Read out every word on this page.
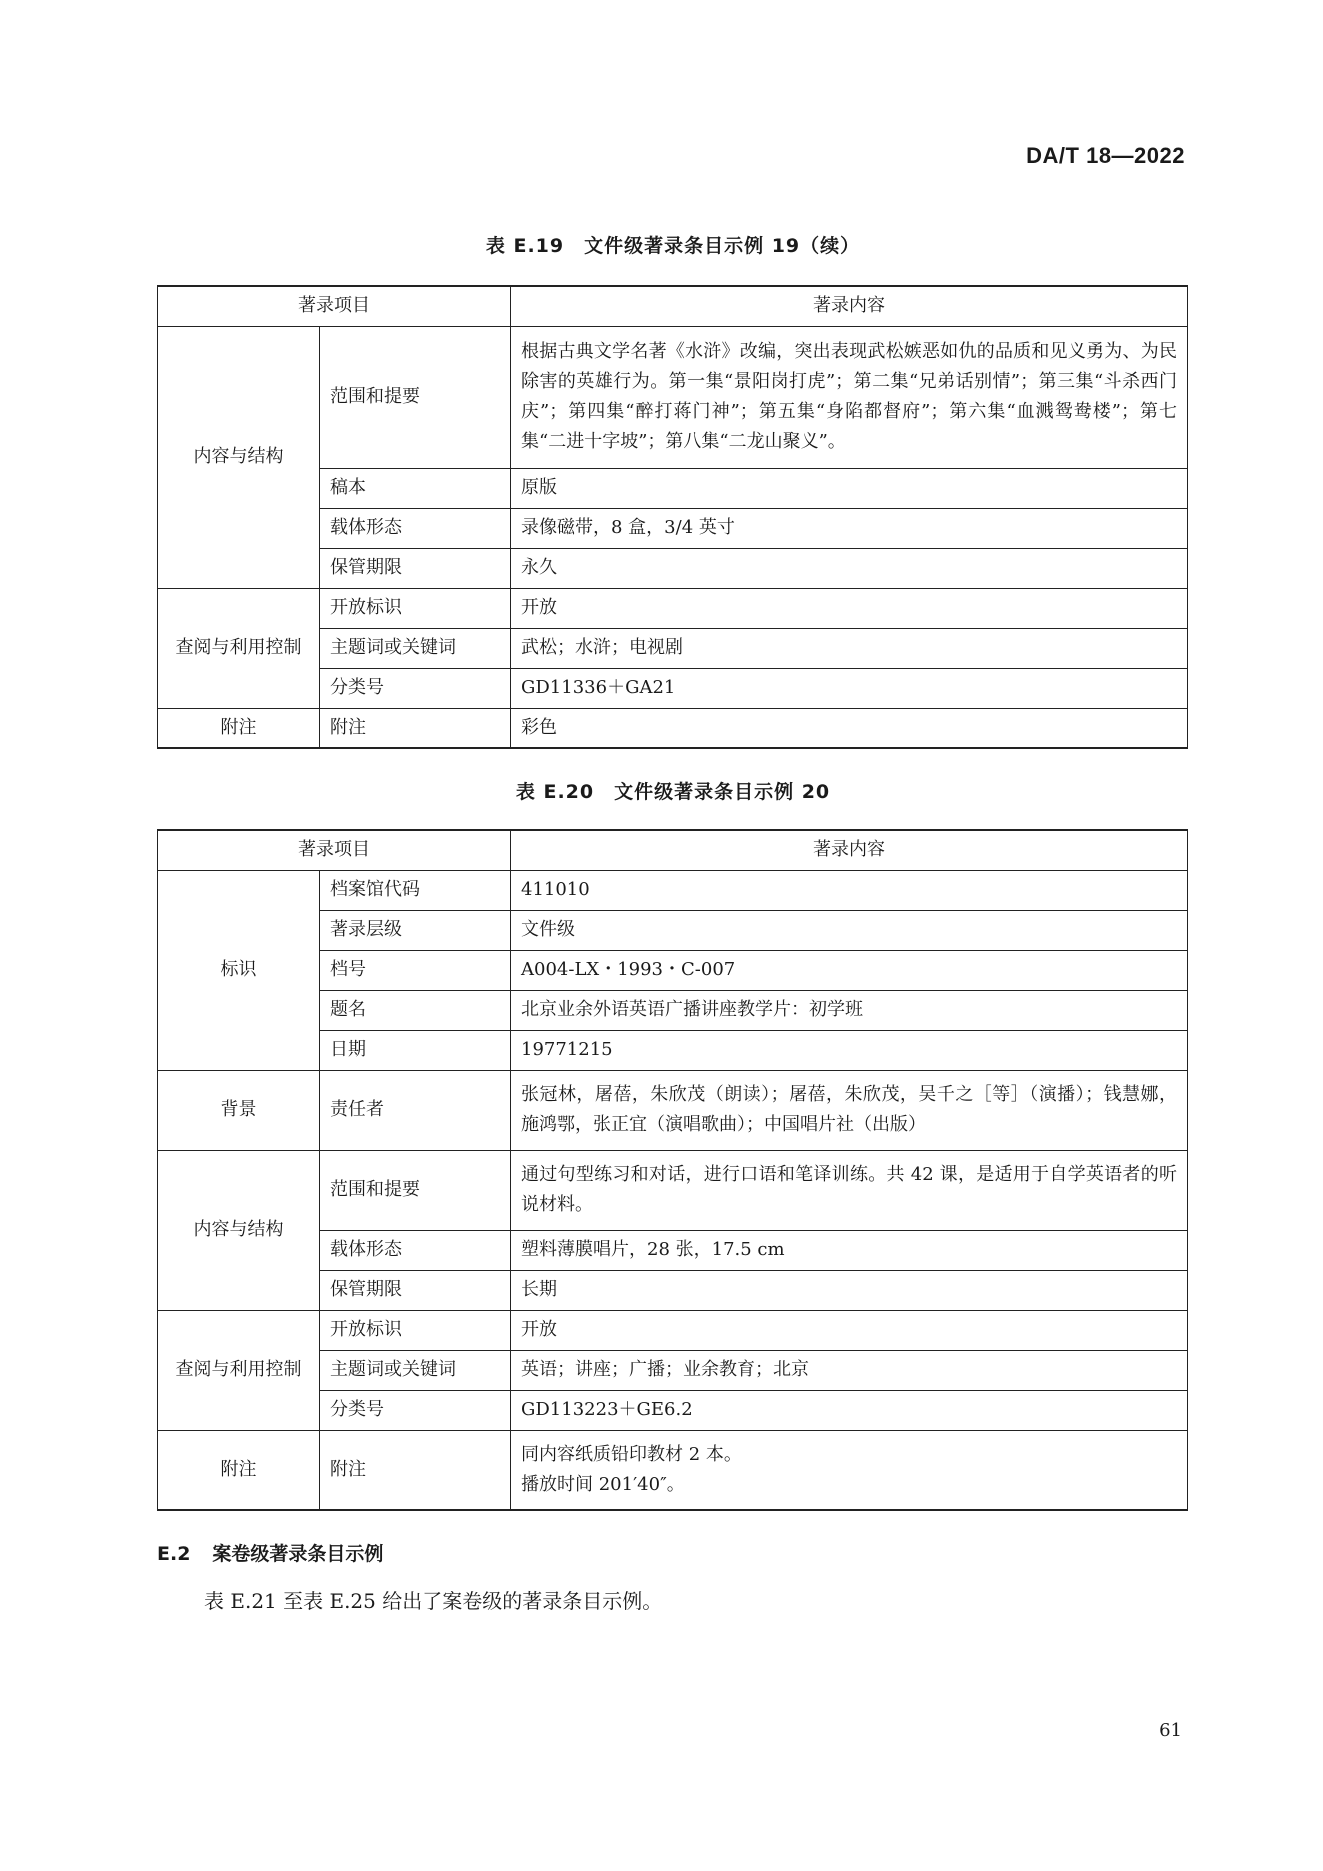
DA/T 18—2022
表 E.19　文件级著录条目示例 19（续）
著录项目		著录内容
内容与结构	范围和提要	根据古典文学名著《水浒》改编，突出表现武松嫉恶如仇的品质和见义勇为、为民除害的英雄行为。第一集“景阳岗打虎”；第二集“兄弟话别情”；第三集“斗杀西门庆”；第四集“醉打蒋门神”；第五集“身陷都督府”；第六集“血溅鸳鸯楼”；第七集“二进十字坡”；第八集“二龙山聚义”。
	稿本	原版
	载体形态	录像磁带，8 盒，3/4 英寸
	保管期限	永久
查阅与利用控制	开放标识	开放
	主题词或关键词	武松；水浒；电视剧
	分类号	GD11336＋GA21
附注	附注	彩色
表 E.20　文件级著录条目示例 20
著录项目		著录内容
标识	档案馆代码	411010
	著录层级	文件级
	档号	A004-LX・1993・C-007
	题名	北京业余外语英语广播讲座教学片：初学班
	日期	19771215
背景	责任者	张冠林，屠蓓，朱欣茂（朗读）；屠蓓，朱欣茂，吴千之［等］（演播）；钱慧娜，施鸿鄂，张正宜（演唱歌曲）；中国唱片社（出版）
内容与结构	范围和提要	通过句型练习和对话，进行口语和笔译训练。共 42 课，是适用于自学英语者的听说材料。
	载体形态	塑料薄膜唱片，28 张，17.5 cm
	保管期限	长期
查阅与利用控制	开放标识	开放
	主题词或关键词	英语；讲座；广播；业余教育；北京
	分类号	GD113223＋GE6.2
附注	附注	同内容纸质铅印教材 2 本。
播放时间 201′40″。
E.2 案卷级著录条目示例
表 E.21 至表 E.25 给出了案卷级的著录条目示例。
61
